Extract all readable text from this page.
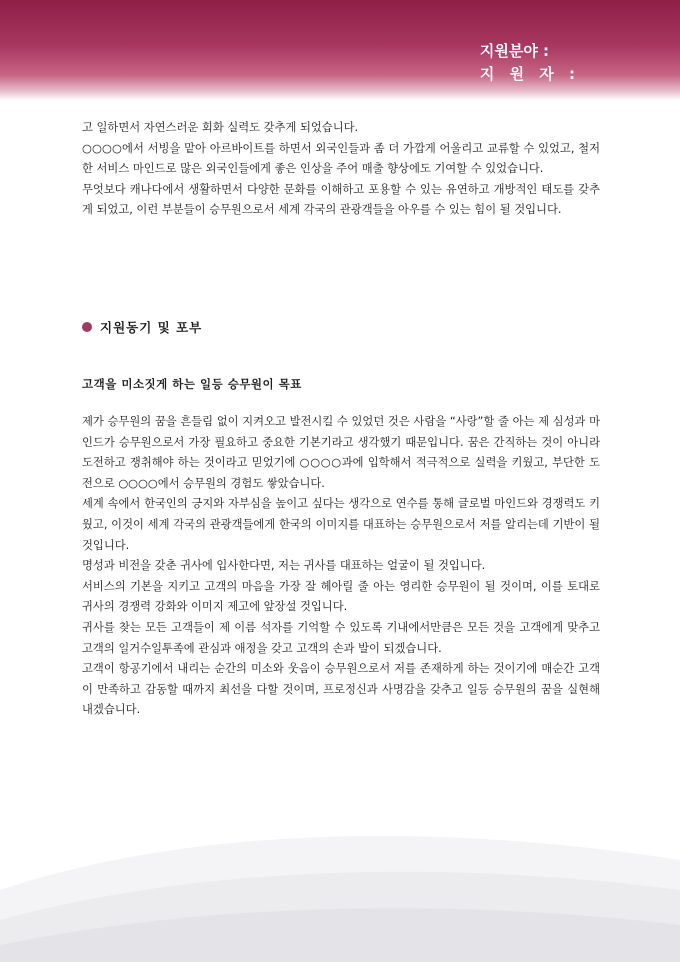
지원분야 :
지 원 자 :

고 일하면서 자연스러운 회화 실력도 갖추게 되었습니다.

○○○○에서 서빙을 맡아 아르바이트를 하면서 외국인들과 좀 더 가깝게 어울리고 교류할 수 있었고, 철저한 서비스 마인드로 많은 외국인들에게 좋은 인상을 주어 매출 향상에도 기여할 수 있었습니다.

무엇보다 캐나다에서 생활하면서 다양한 문화를 이해하고 포용할 수 있는 유연하고 개방적인 태도를 갖추게 되었고, 이런 부분들이 승무원으로서 세계 각국의 관광객들을 아우를 수 있는 힘이 될 것입니다.

지원동기 및 포부
고객을 미소짓게 하는 일등 승무원이 목표

제가 승무원의 꿈을 흔들림 없이 지켜오고 발전시킬 수 있었던 것은 사람을 “사랑”할 줄 아는 제 심성과 마인드가 승무원으로서 가장 필요하고 중요한 기본기라고 생각했기 때문입니다. 꿈은 간직하는 것이 아니라 도전하고 쟁취해야 하는 것이라고 믿었기에 ○○○○과에 입학해서 적극적으로 실력을 키웠고, 부단한 도전으로 ○○○○에서 승무원의 경험도 쌓았습니다.

세계 속에서 한국인의 긍지와 자부심을 높이고 싶다는 생각으로 연수를 통해 글로벌 마인드와 경쟁력도 키웠고, 이것이 세계 각국의 관광객들에게 한국의 이미지를 대표하는 승무원으로서 저를 알리는데 기반이 될 것입니다.

명성과 비전을 갖춘 귀사에 입사한다면, 저는 귀사를 대표하는 얼굴이 될 것입니다.

서비스의 기본을 지키고 고객의 마음을 가장 잘 헤아릴 줄 아는 영리한 승무원이 될 것이며, 이를 토대로 귀사의 경쟁력 강화와 이미지 제고에 앞장설 것입니다.

귀사를 찾는 모든 고객들이 제 이름 석자를 기억할 수 있도록 기내에서만큼은 모든 것을 고객에게 맞추고 고객의 일거수일투족에 관심과 애정을 갖고 고객의 손과 발이 되겠습니다.

고객이 항공기에서 내리는 순간의 미소와 웃음이 승무원으로서 저를 존재하게 하는 것이기에 매순간 고객이 만족하고 감동할 때까지 최선을 다할 것이며, 프로정신과 사명감을 갖추고 일등 승무원의 꿈을 실현해내겠습니다.
